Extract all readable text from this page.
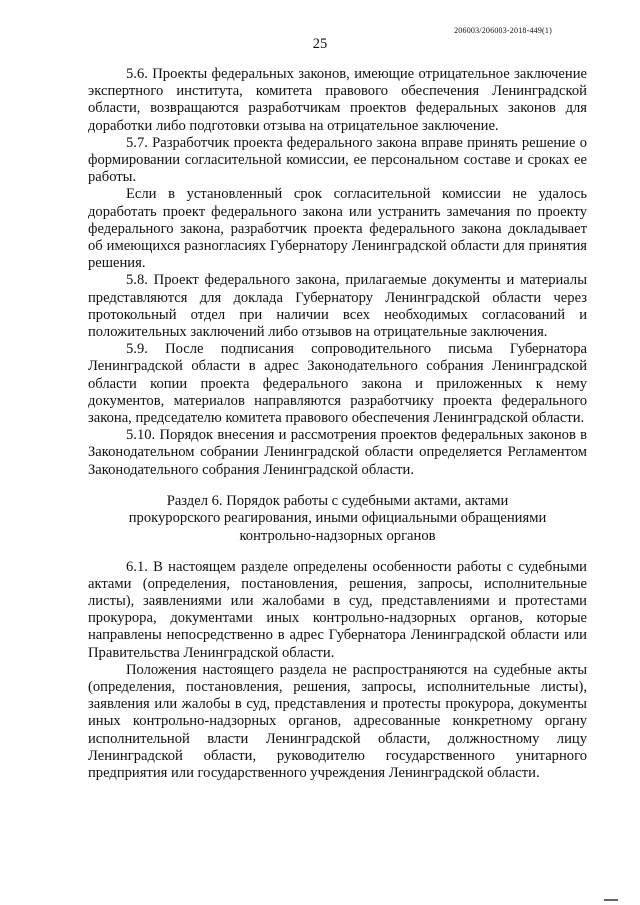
206003/206003-2018-449(1)
25

5.6. Проекты федеральных законов, имеющие отрицательное заключение экспертного института, комитета правового обеспечения Ленинградской области, возвращаются разработчикам проектов федеральных законов для доработки либо подготовки отзыва на отрицательное заключение.

5.7. Разработчик проекта федерального закона вправе принять решение о формировании согласительной комиссии, ее персональном составе и сроках ее работы.

Если в установленный срок согласительной комиссии не удалось доработать проект федерального закона или устранить замечания по проекту федерального закона, разработчик проекта федерального закона докладывает об имеющихся разногласиях Губернатору Ленинградской области для принятия решения.

5.8. Проект федерального закона, прилагаемые документы и материалы представляются для доклада Губернатору Ленинградской области через протокольный отдел при наличии всех необходимых согласований и положительных заключений либо отзывов на отрицательные заключения.

5.9. После подписания сопроводительного письма Губернатора Ленинградской области в адрес Законодательного собрания Ленинградской области копии проекта федерального закона и приложенных к нему документов, материалов направляются разработчику проекта федерального закона, председателю комитета правового обеспечения Ленинградской области.

5.10. Порядок внесения и рассмотрения проектов федеральных законов в Законодательном собрании Ленинградской области определяется Регламентом Законодательного собрания Ленинградской области.

Раздел 6. Порядок работы с судебными актами, актами
прокурорского реагирования, иными официальными обращениями
контрольно-надзорных органов

6.1. В настоящем разделе определены особенности работы с судебными актами (определения, постановления, решения, запросы, исполнительные листы), заявлениями или жалобами в суд, представлениями и протестами прокурора, документами иных контрольно-надзорных органов, которые направлены непосредственно в адрес Губернатора Ленинградской области или Правительства Ленинградской области.

Положения настоящего раздела не распространяются на судебные акты (определения, постановления, решения, запросы, исполнительные листы), заявления или жалобы в суд, представления и протесты прокурора, документы иных контрольно-надзорных органов, адресованные конкретному органу исполнительной власти Ленинградской области, должностному лицу Ленинградской области, руководителю государственного унитарного предприятия или государственного учреждения Ленинградской области.
